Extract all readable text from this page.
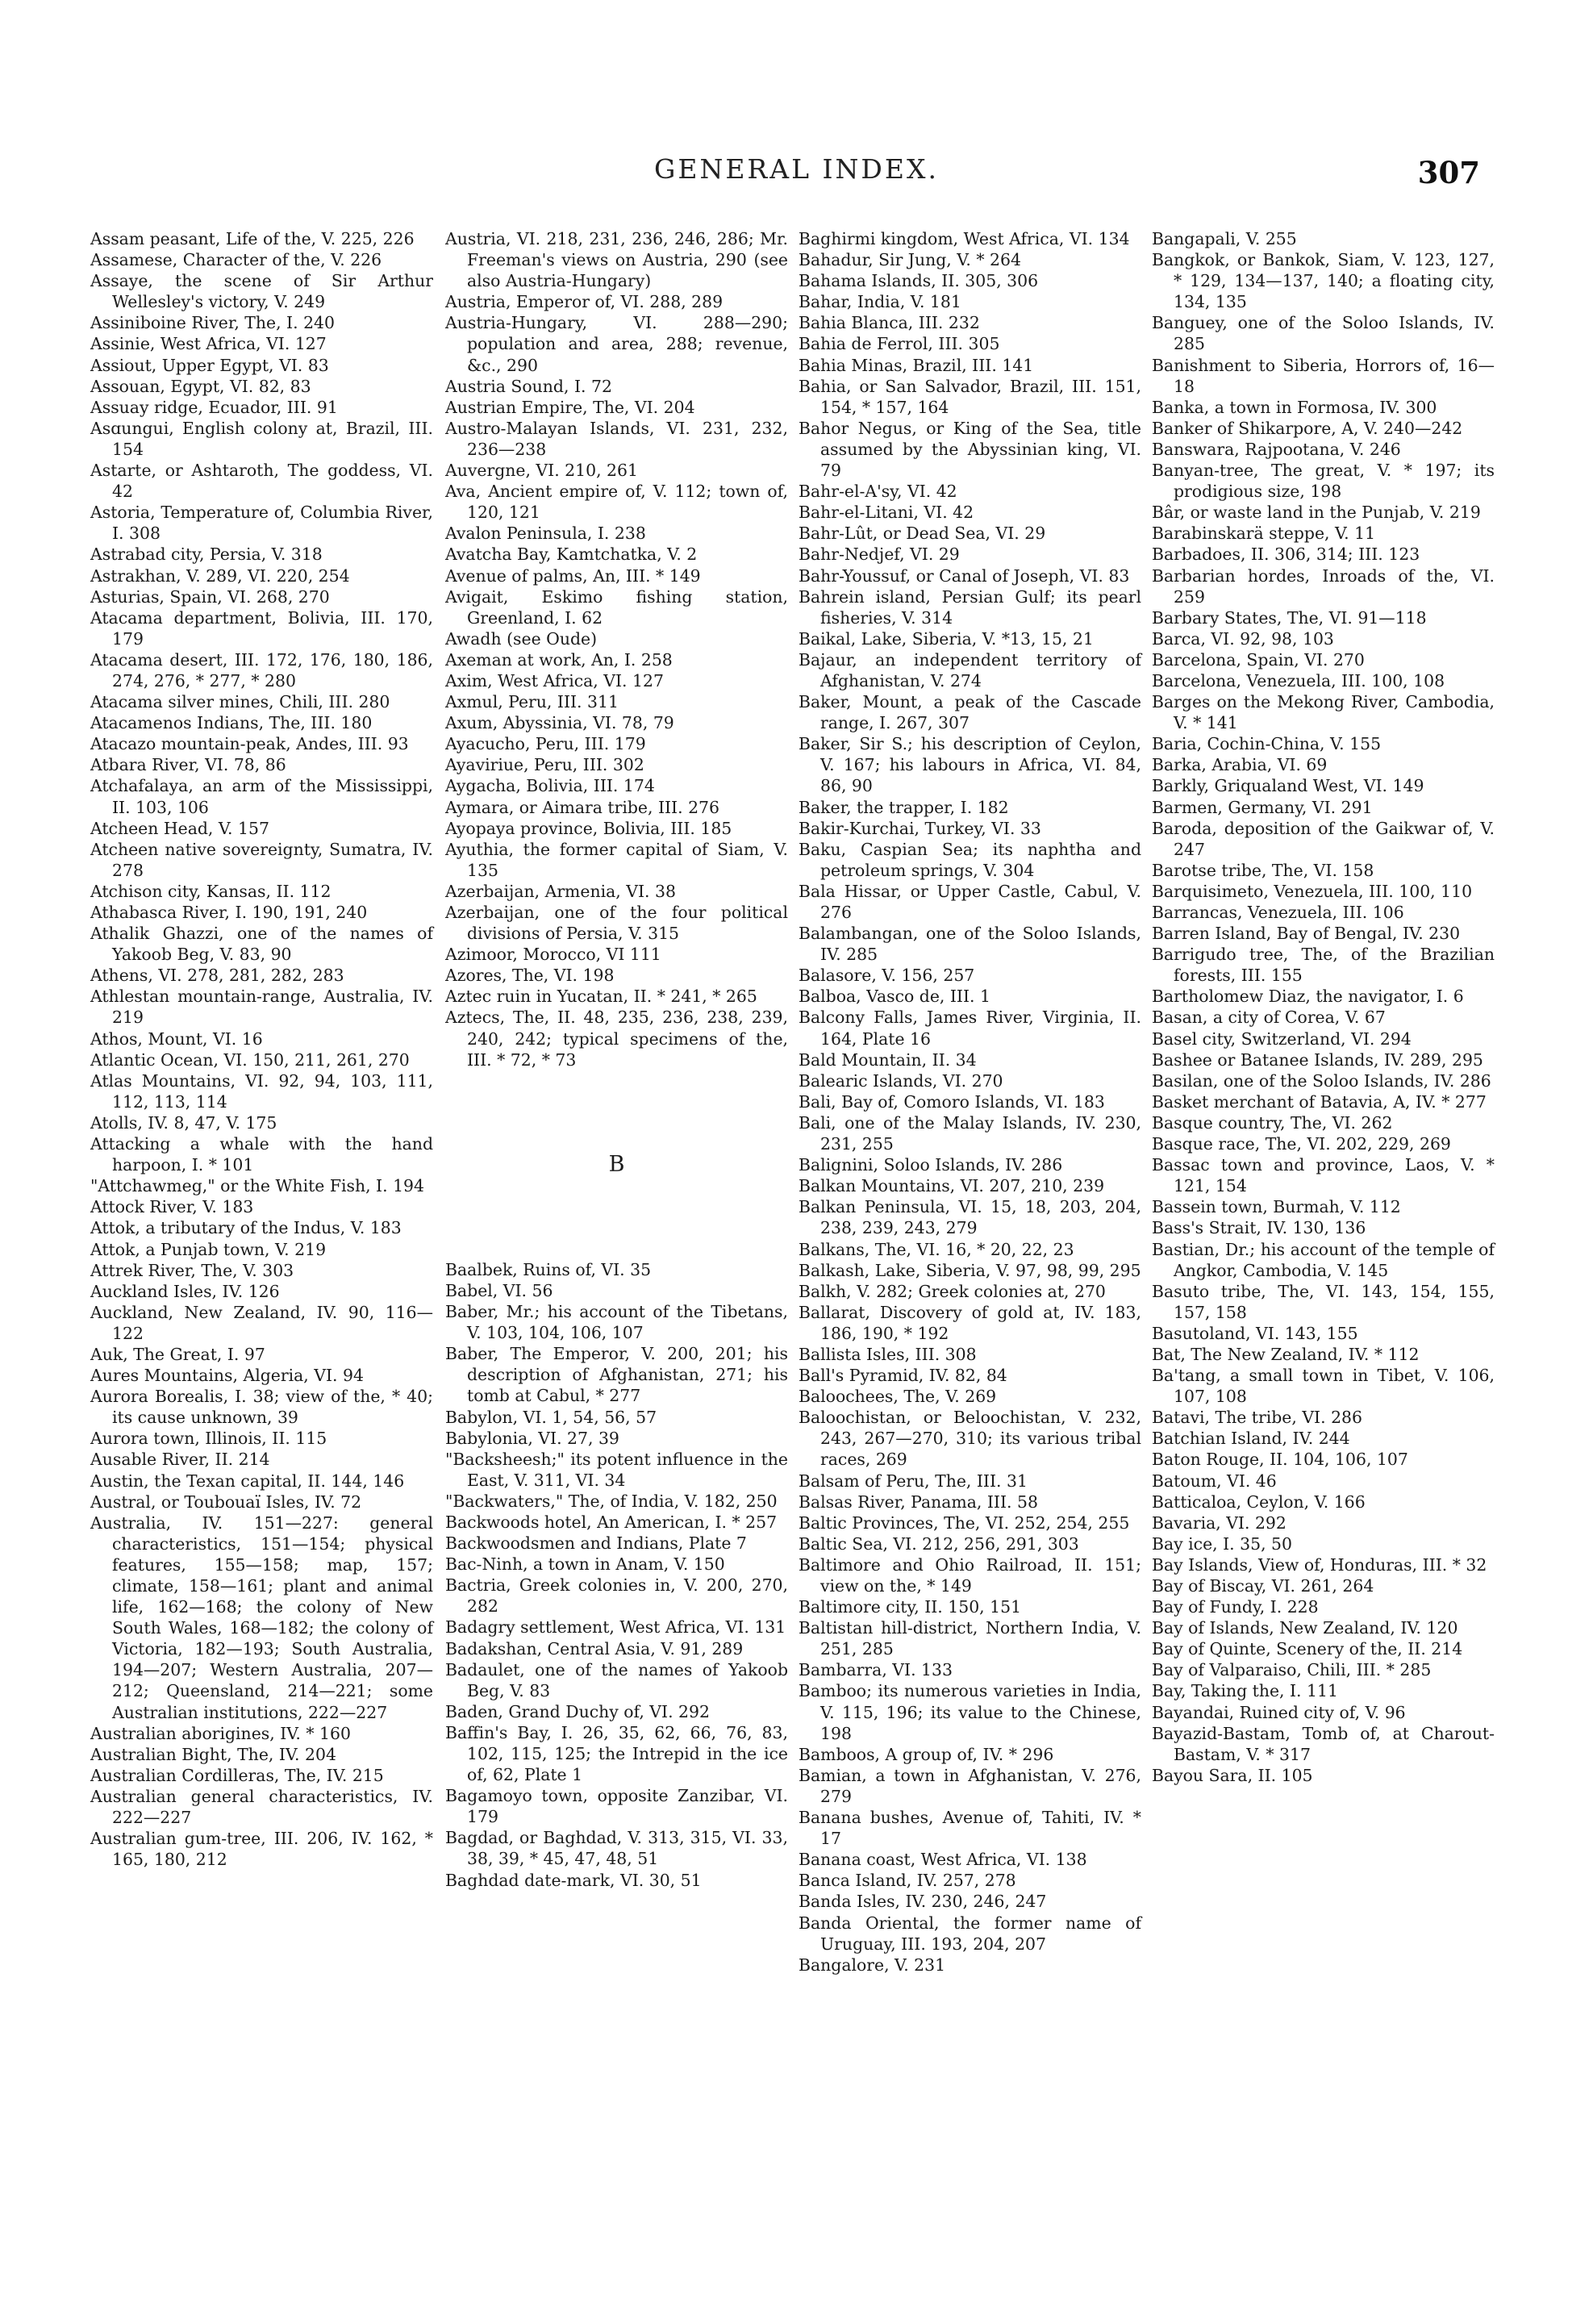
GENERAL INDEX.	307

Assam peasant, Life of the, V. 225, 226

Assamese, Character of the, V. 226

Assaye, the scene of Sir Arthur Wellesley's victory, V. 249

Assiniboine River, The, I. 240

Assinie, West Africa, VI. 127

Assiout, Upper Egypt, VI. 83

Assouan, Egypt, VI. 82, 83

Assuay ridge, Ecuador, III. 91

Asɑungui, English colony at, Brazil, III. 154

Astarte, or Ashtaroth, The goddess, VI. 42

Astoria, Temperature of, Columbia River, I. 308

Astrabad city, Persia, V. 318

Astrakhan, V. 289, VI. 220, 254

Asturias, Spain, VI. 268, 270

Atacama department, Bolivia, III. 170, 179

Atacama desert, III. 172, 176, 180, 186, 274, 276, * 277, * 280

Atacama silver mines, Chili, III. 280

Atacamenos Indians, The, III. 180

Atacazo mountain-peak, Andes, III. 93

Atbara River, VI. 78, 86

Atchafalaya, an arm of the Mississippi, II. 103, 106

Atcheen Head, V. 157

Atcheen native sovereignty, Sumatra, IV. 278

Atchison city, Kansas, II. 112

Athabasca River, I. 190, 191, 240

Athalik Ghazzi, one of the names of Yakoob Beg, V. 83, 90

Athens, VI. 278, 281, 282, 283

Athlestan mountain-range, Australia, IV. 219

Athos, Mount, VI. 16

Atlantic Ocean, VI. 150, 211, 261, 270

Atlas Mountains, VI. 92, 94, 103, 111, 112, 113, 114

Atolls, IV. 8, 47, V. 175

Attacking a whale with the hand harpoon, I. * 101

"Attchawmeg," or the White Fish, I. 194

Attock River, V. 183

Attok, a tributary of the Indus, V. 183

Attok, a Punjab town, V. 219

Attrek River, The, V. 303

Auckland Isles, IV. 126

Auckland, New Zealand, IV. 90, 116—122

Auk, The Great, I. 97

Aures Mountains, Algeria, VI. 94

Aurora Borealis, I. 38; view of the, * 40; its cause unknown, 39

Aurora town, Illinois, II. 115

Ausable River, II. 214

Austin, the Texan capital, II. 144, 146

Austral, or Toubouaï Isles, IV. 72

Australia, IV. 151—227: general characteristics, 151—154; physical features, 155—158; map, 157; climate, 158—161; plant and animal life, 162—168; the colony of New South Wales, 168—182; the colony of Victoria, 182—193; South Australia, 194—207; Western Australia, 207—212; Queensland, 214—221; some Australian institutions, 222—227

Australian aborigines, IV. * 160

Australian Bight, The, IV. 204

Australian Cordilleras, The, IV. 215

Australian general characteristics, IV. 222—227

Australian gum-tree, III. 206, IV. 162, * 165, 180, 212

Austria, VI. 218, 231, 236, 246, 286; Mr. Freeman's views on Austria, 290 (see also Austria-Hungary)

Austria, Emperor of, VI. 288, 289

Austria-Hungary, VI. 288—290; population and area, 288; revenue, &c., 290

Austria Sound, I. 72

Austrian Empire, The, VI. 204

Austro-Malayan Islands, VI. 231, 232, 236—238

Auvergne, VI. 210, 261

Ava, Ancient empire of, V. 112; town of, 120, 121

Avalon Peninsula, I. 238

Avatcha Bay, Kamtchatka, V. 2

Avenue of palms, An, III. * 149

Avigait, Eskimo fishing station, Greenland, I. 62

Awadh (see Oude)

Axeman at work, An, I. 258

Axim, West Africa, VI. 127

Axmul, Peru, III. 311

Axum, Abyssinia, VI. 78, 79

Ayacucho, Peru, III. 179

Ayaviriue, Peru, III. 302

Aygacha, Bolivia, III. 174

Aymara, or Aimara tribe, III. 276

Ayopaya province, Bolivia, III. 185

Ayuthia, the former capital of Siam, V. 135

Azerbaijan, Armenia, VI. 38

Azerbaijan, one of the four political divisions of Persia, V. 315

Azimoor, Morocco, VI 111

Azores, The, VI. 198

Aztec ruin in Yucatan, II. * 241, * 265

Aztecs, The, II. 48, 235, 236, 238, 239, 240, 242; typical specimens of the, III. * 72, * 73

B

Baalbek, Ruins of, VI. 35

Babel, VI. 56

Baber, Mr.; his account of the Tibetans, V. 103, 104, 106, 107

Baber, The Emperor, V. 200, 201; his description of Afghanistan, 271; his tomb at Cabul, * 277

Babylon, VI. 1, 54, 56, 57

Babylonia, VI. 27, 39

"Backsheesh;" its potent influence in the East, V. 311, VI. 34

"Backwaters," The, of India, V. 182, 250

Backwoods hotel, An American, I. * 257

Backwoodsmen and Indians, Plate 7

Bac-Ninh, a town in Anam, V. 150

Bactria, Greek colonies in, V. 200, 270, 282

Badagry settlement, West Africa, VI. 131

Badakshan, Central Asia, V. 91, 289

Badaulet, one of the names of Yakoob Beg, V. 83

Baden, Grand Duchy of, VI. 292

Baffin's Bay, I. 26, 35, 62, 66, 76, 83, 102, 115, 125; the Intrepid in the ice of, 62, Plate 1

Bagamoyo town, opposite Zanzibar, VI. 179

Bagdad, or Baghdad, V. 313, 315, VI. 33, 38, 39, * 45, 47, 48, 51

Baghdad date-mark, VI. 30, 51

Baghirmi kingdom, West Africa, VI. 134

Bahadur, Sir Jung, V. * 264

Bahama Islands, II. 305, 306

Bahar, India, V. 181

Bahia Blanca, III. 232

Bahia de Ferrol, III. 305

Bahia Minas, Brazil, III. 141

Bahia, or San Salvador, Brazil, III. 151, 154, * 157, 164

Bahor Negus, or King of the Sea, title assumed by the Abyssinian king, VI. 79

Bahr-el-A'sy, VI. 42

Bahr-el-Litani, VI. 42

Bahr-Lût, or Dead Sea, VI. 29

Bahr-Nedjef, VI. 29

Bahr-Youssuf, or Canal of Joseph, VI. 83

Bahrein island, Persian Gulf; its pearl fisheries, V. 314

Baikal, Lake, Siberia, V. *13, 15, 21

Bajaur, an independent territory of Afghanistan, V. 274

Baker, Mount, a peak of the Cascade range, I. 267, 307

Baker, Sir S.; his description of Ceylon, V. 167; his labours in Africa, VI. 84, 86, 90

Baker, the trapper, I. 182

Bakir-Kurchai, Turkey, VI. 33

Baku, Caspian Sea; its naphtha and petroleum springs, V. 304

Bala Hissar, or Upper Castle, Cabul, V. 276

Balambangan, one of the Soloo Islands, IV. 285

Balasore, V. 156, 257

Balboa, Vasco de, III. 1

Balcony Falls, James River, Virginia, II. 164, Plate 16

Bald Mountain, II. 34

Balearic Islands, VI. 270

Bali, Bay of, Comoro Islands, VI. 183

Bali, one of the Malay Islands, IV. 230, 231, 255

Balignini, Soloo Islands, IV. 286

Balkan Mountains, VI. 207, 210, 239

Balkan Peninsula, VI. 15, 18, 203, 204, 238, 239, 243, 279

Balkans, The, VI. 16, * 20, 22, 23

Balkash, Lake, Siberia, V. 97, 98, 99, 295

Balkh, V. 282; Greek colonies at, 270

Ballarat, Discovery of gold at, IV. 183, 186, 190, * 192

Ballista Isles, III. 308

Ball's Pyramid, IV. 82, 84

Baloochees, The, V. 269

Baloochistan, or Beloochistan, V. 232, 243, 267—270, 310; its various tribal races, 269

Balsam of Peru, The, III. 31

Balsas River, Panama, III. 58

Baltic Provinces, The, VI. 252, 254, 255

Baltic Sea, VI. 212, 256, 291, 303

Baltimore and Ohio Railroad, II. 151; view on the, * 149

Baltimore city, II. 150, 151

Baltistan hill-district, Northern India, V. 251, 285

Bambarra, VI. 133

Bamboo; its numerous varieties in India, V. 115, 196; its value to the Chinese, 198

Bamboos, A group of, IV. * 296

Bamian, a town in Afghanistan, V. 276, 279

Banana bushes, Avenue of, Tahiti, IV. * 17

Banana coast, West Africa, VI. 138

Banca Island, IV. 257, 278

Banda Isles, IV. 230, 246, 247

Banda Oriental, the former name of Uruguay, III. 193, 204, 207

Bangalore, V. 231

Bangapali, V. 255

Bangkok, or Bankok, Siam, V. 123, 127, * 129, 134—137, 140; a floating city, 134, 135

Banguey, one of the Soloo Islands, IV. 285

Banishment to Siberia, Horrors of, 16—18

Banka, a town in Formosa, IV. 300

Banker of Shikarpore, A, V. 240—242

Banswara, Rajpootana, V. 246

Banyan-tree, The great, V. * 197; its prodigious size, 198

Bâr, or waste land in the Punjab, V. 219

Barabinskarä steppe, V. 11

Barbadoes, II. 306, 314; III. 123

Barbarian hordes, Inroads of the, VI. 259

Barbary States, The, VI. 91—118

Barca, VI. 92, 98, 103

Barcelona, Spain, VI. 270

Barcelona, Venezuela, III. 100, 108

Barges on the Mekong River, Cambodia, V. * 141

Baria, Cochin-China, V. 155

Barka, Arabia, VI. 69

Barkly, Griqualand West, VI. 149

Barmen, Germany, VI. 291

Baroda, deposition of the Gaikwar of, V. 247

Barotse tribe, The, VI. 158

Barquisimeto, Venezuela, III. 100, 110

Barrancas, Venezuela, III. 106

Barren Island, Bay of Bengal, IV. 230

Barrigudo tree, The, of the Brazilian forests, III. 155

Bartholomew Diaz, the navigator, I. 6

Basan, a city of Corea, V. 67

Basel city, Switzerland, VI. 294

Bashee or Batanee Islands, IV. 289, 295

Basilan, one of the Soloo Islands, IV. 286

Basket merchant of Batavia, A, IV. * 277

Basque country, The, VI. 262

Basque race, The, VI. 202, 229, 269

Bassac town and province, Laos, V. * 121, 154

Bassein town, Burmah, V. 112

Bass's Strait, IV. 130, 136

Bastian, Dr.; his account of the temple of Angkor, Cambodia, V. 145

Basuto tribe, The, VI. 143, 154, 155, 157, 158

Basutoland, VI. 143, 155

Bat, The New Zealand, IV. * 112

Ba'tang, a small town in Tibet, V. 106, 107, 108

Batavi, The tribe, VI. 286

Batchian Island, IV. 244

Baton Rouge, II. 104, 106, 107

Batoum, VI. 46

Batticaloa, Ceylon, V. 166

Bavaria, VI. 292

Bay ice, I. 35, 50

Bay Islands, View of, Honduras, III. * 32

Bay of Biscay, VI. 261, 264

Bay of Fundy, I. 228

Bay of Islands, New Zealand, IV. 120

Bay of Quinte, Scenery of the, II. 214

Bay of Valparaiso, Chili, III. * 285

Bay, Taking the, I. 111

Bayandai, Ruined city of, V. 96

Bayazid-Bastam, Tomb of, at Charout-Bastam, V. * 317

Bayou Sara, II. 105
